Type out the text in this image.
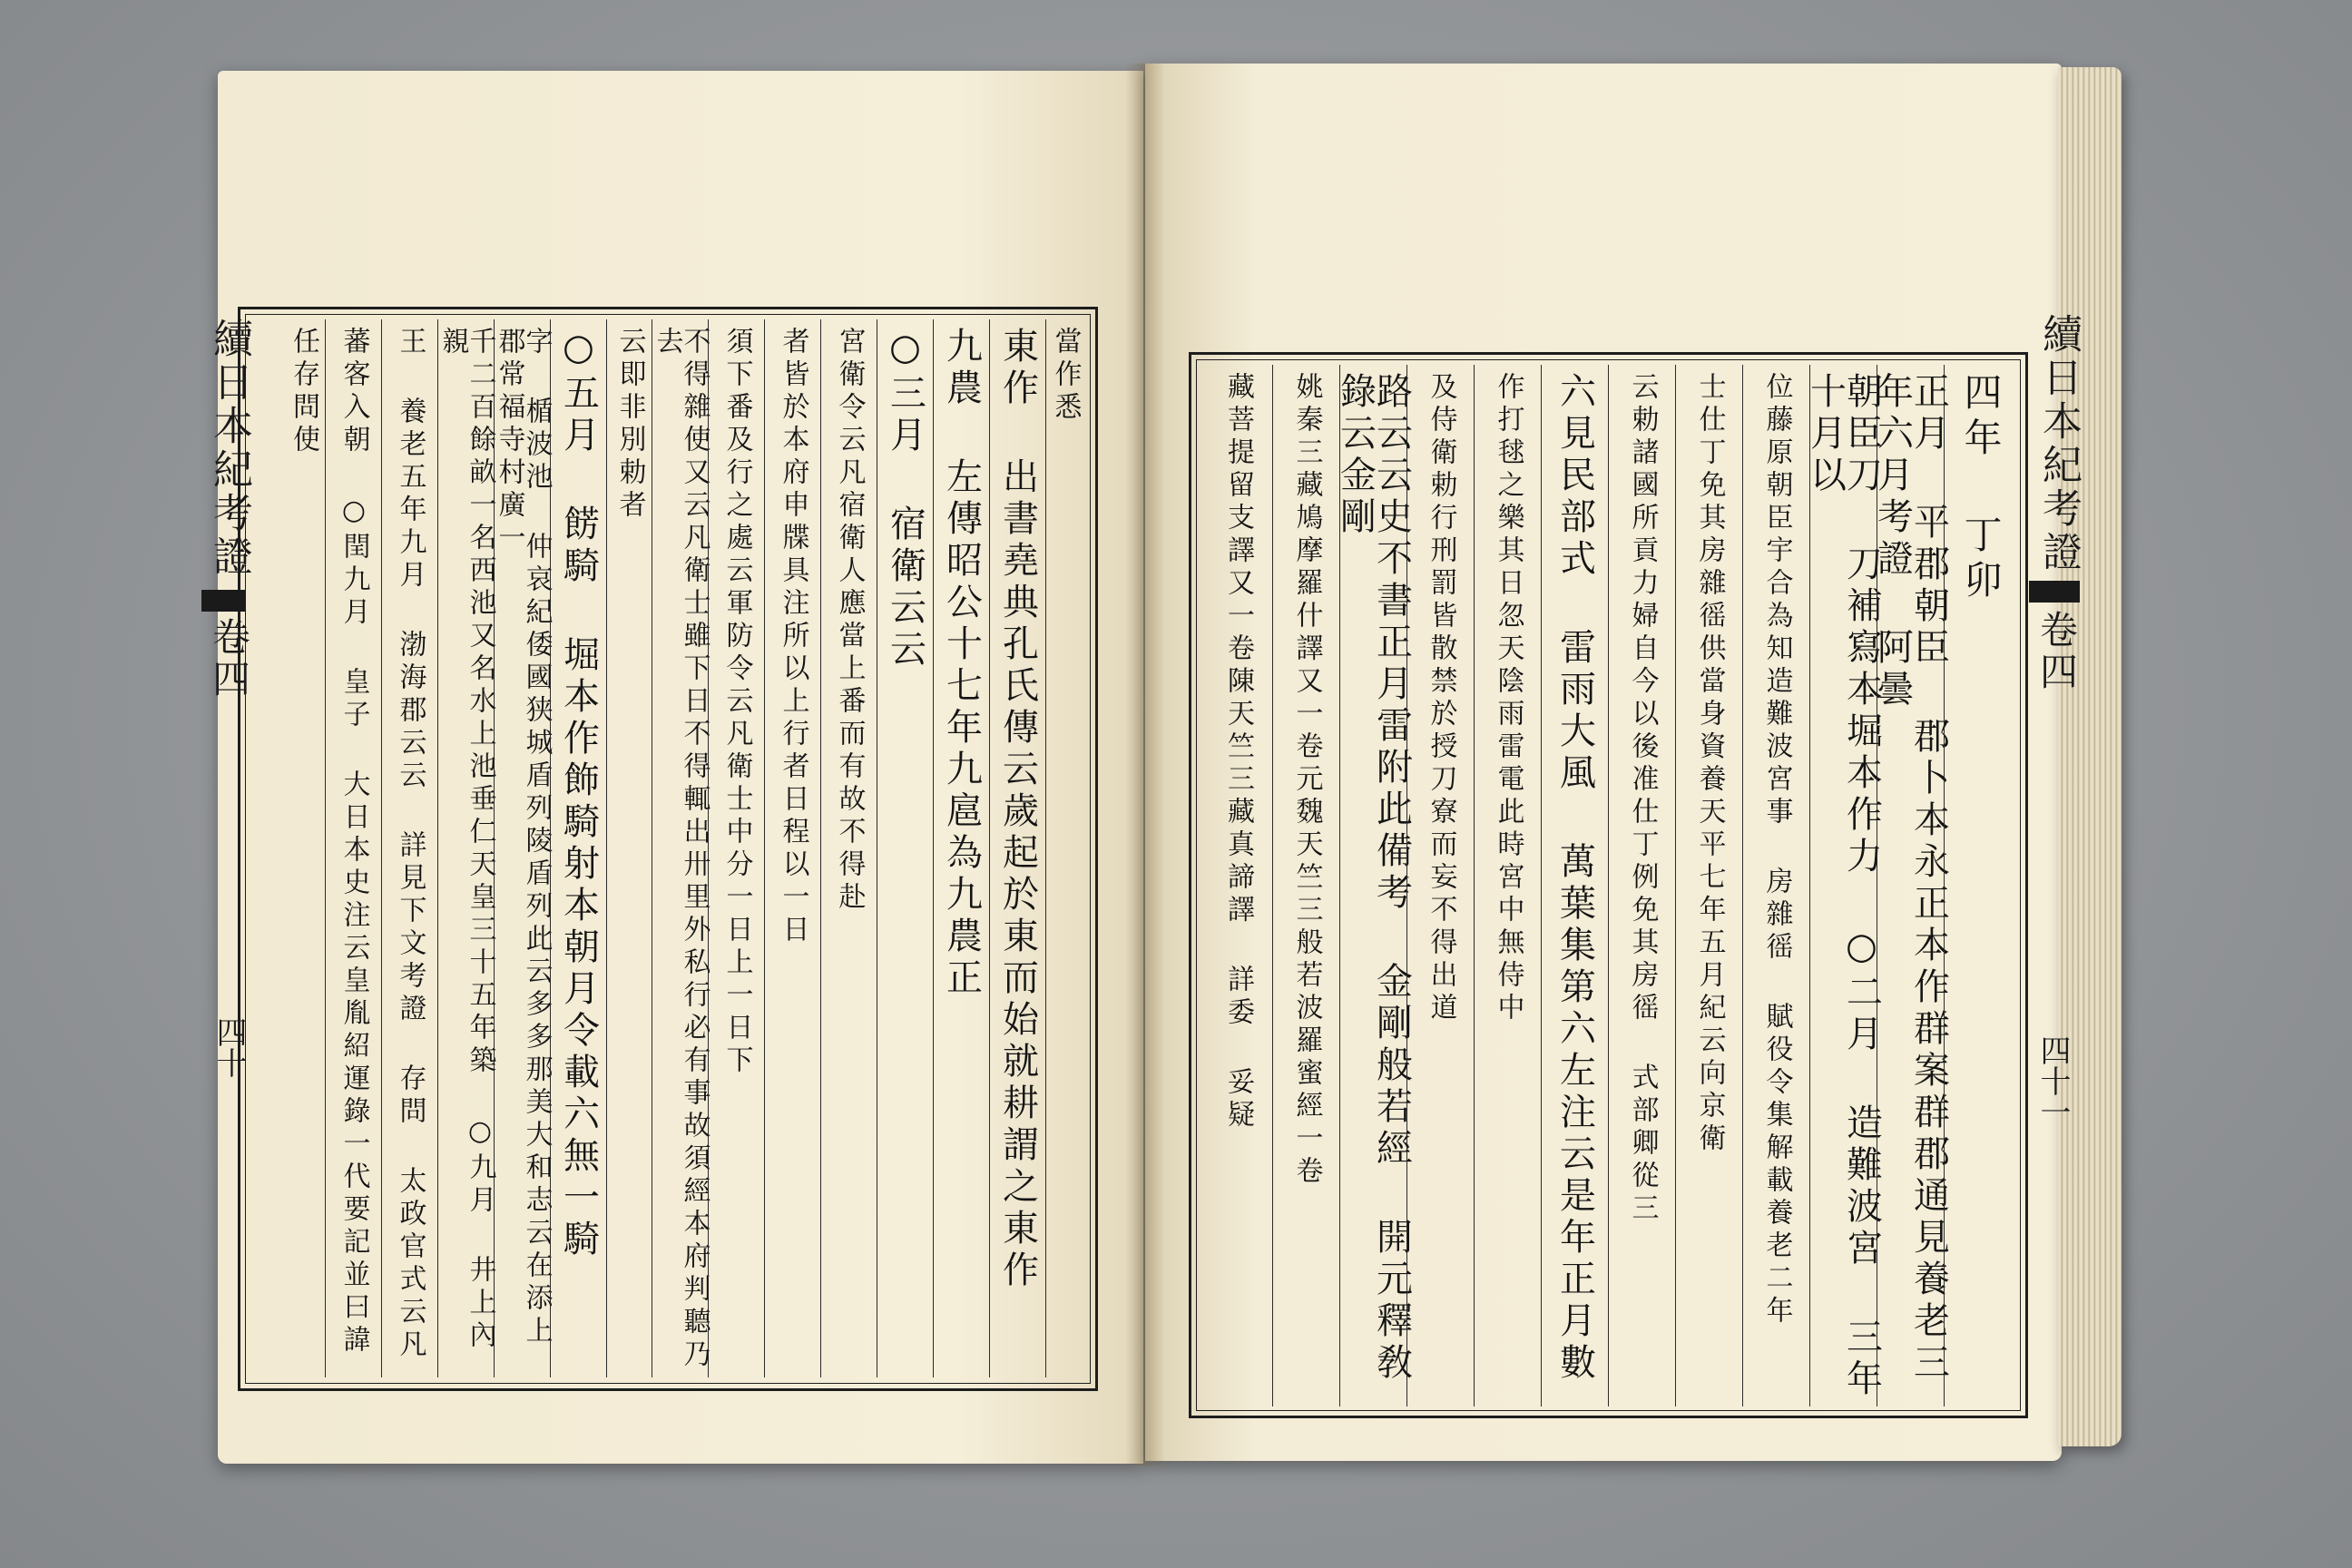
續日本紀考證
卷四
四十
當作悉
東作 出書堯典孔氏傳云歲起於東而始就耕謂之東作
九農 左傳昭公十七年九扈為九農正
○三月 宿衛云云
宮衛令云凡宿衛人應當上番而有故不得赴
者皆於本府申牒具注所以上行者日程以一日
須下番及行之處云軍防令云凡衛士中分一日上一日下
不得雜使又云凡衛士雖下日不得輒出卅里外私行必有事故須經本府判聽乃去
云即非別勅者
○五月 餝騎 堀本作飾騎射本朝月令載六無一騎
字 楯波池 仲哀紀倭國狭城盾列陵盾列此云多多那美大和志云在添上郡常福寺村廣一
千二百餘畝一名西池又名水上池垂仁天皇三十五年築 ○九月 井上內親
王 養老五年九月 渤海郡云云 詳見下文考證 存問 太政官式云凡
蕃客入朝 ○閏九月 皇子 大日本史注云皇胤紹運錄一代要記並曰諱
任存問使	續日本紀考證
卷四
四十一
四年 丁卯
正月 平郡朝臣 郡卜本永正本作群案群郡通見養老三年六月考證 阿曇
朝臣刀 刀補寫本堀本作力 ○二月 造難波宮 三年十月以
位藤原朝臣宇合為知造難波宮事 房雜徭 賦役令集解載養老二年
士仕丁免其房雜徭供當身資養天平七年五月紀云向京衛
云勅諸國所貢力婦自今以後准仕丁例免其房徭 式部卿從三
六見民部式 雷雨大風 萬葉集第六左注云是年正月數
作打毬之樂其日忽天陰雨雷電此時宮中無侍中
及侍衛勅行刑罰皆散禁於授刀寮而妄不得出道
路云云史不書正月雷附此備考 金剛般若經 開元釋敎錄云金剛
姚秦三藏鳩摩羅什譯又一卷元魏天竺三般若波羅蜜經一卷
藏菩提留支譯又一卷陳天竺三藏真諦譯 詳委 妥疑
